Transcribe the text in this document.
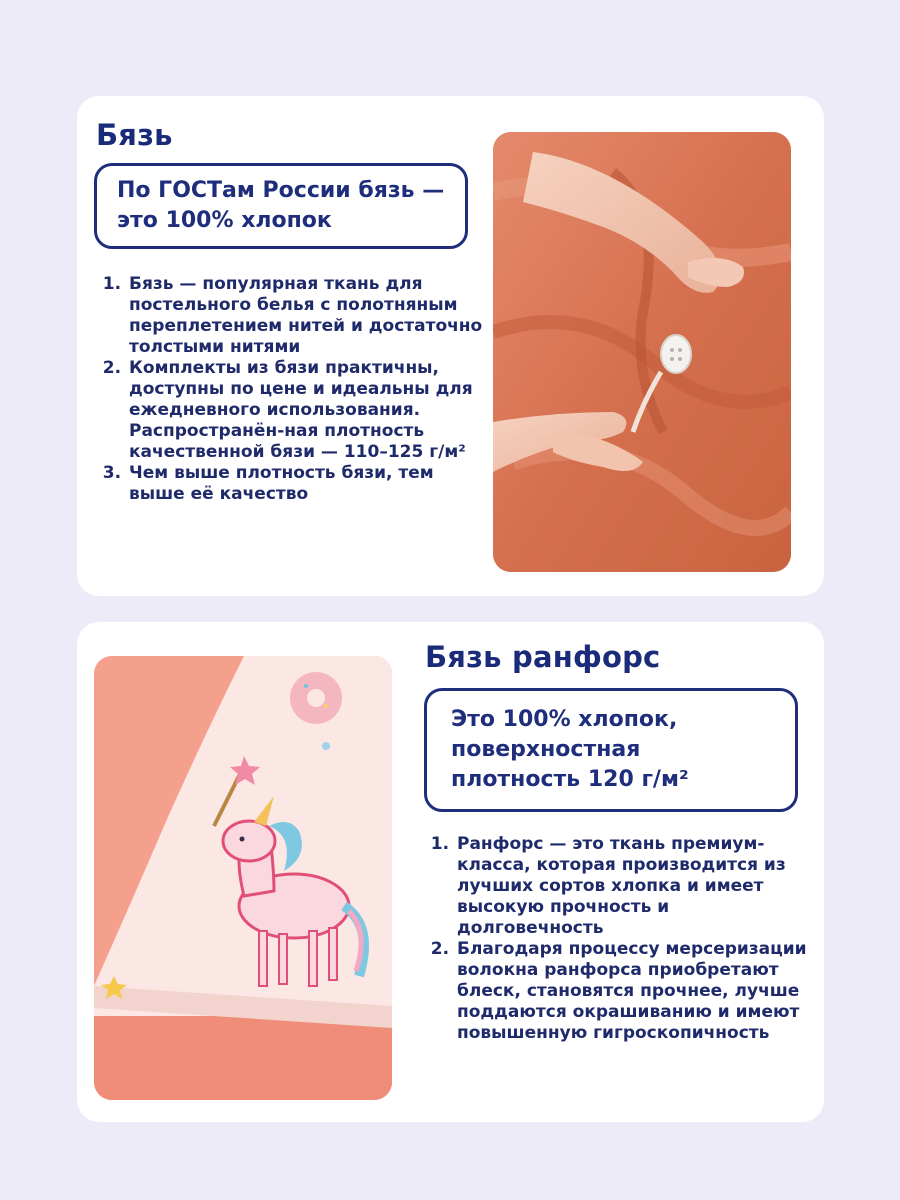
Бязь
По ГОСТам России бязь — это 100% хлопок
1. Бязь — популярная ткань для постельного белья с полотняным переплетением нитей и достаточно толстыми нитями
2. Комплекты из бязи практичны, доступны по цене и идеальны для ежедневного использования. Распространён-ная плотность качественной бязи — 110–125 г/м²
3. Чем выше плотность бязи, тем выше её качество
Бязь ранфорс
Это 100% хлопок, поверхностная плотность 120 г/м²
1. Ранфорс — это ткань премиум-класса, которая производится из лучших сортов хлопка и имеет высокую прочность и долговечность
2. Благодаря процессу мерсеризации волокна ранфорса приобретают блеск, становятся прочнее, лучше поддаются окрашиванию и имеют повышенную гигроскопичность
